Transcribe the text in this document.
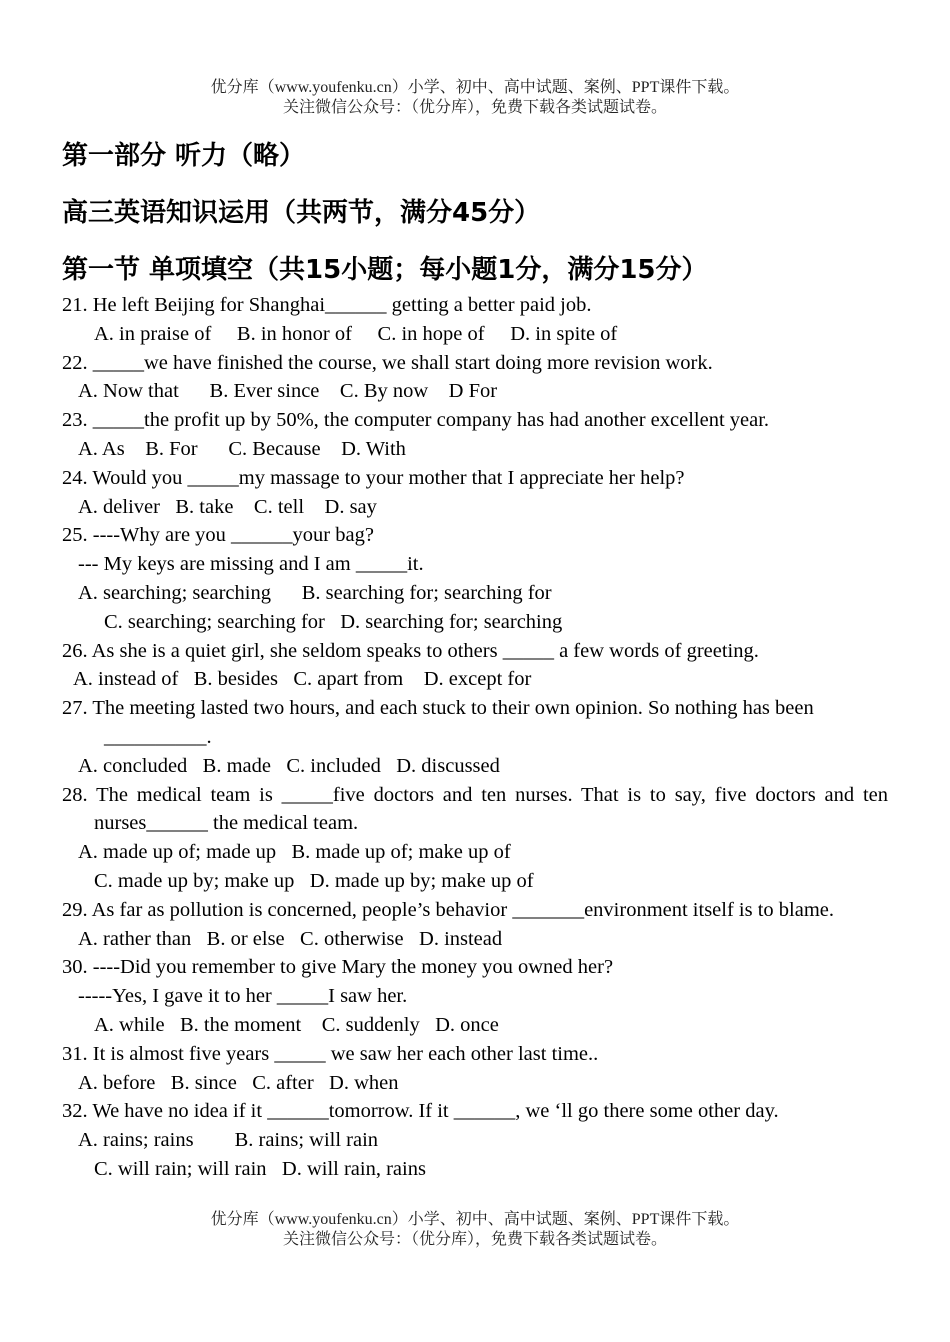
优分库（www.youfenku.cn）小学、初中、高中试题、案例、PPT课件下载。
关注微信公众号：（优分库），免费下载各类试题试卷。
第一部分 听力（略）
高三英语知识运用（共两节，满分45分）
第一节 单项填空（共15小题；每小题1分，满分15分）
21. He left Beijing for Shanghai______ getting a better paid job.
A. in praise of     B. in honor of     C. in hope of     D. in spite of
22. _____we have finished the course, we shall start doing more revision work.
A. Now that      B. Ever since    C. By now    D For
23. _____the profit up by 50%, the computer company has had another excellent year.
A. As    B. For      C. Because    D. With
24. Would you _____my massage to your mother that I appreciate her help?
A. deliver   B. take    C. tell    D. say
25. ----Why are you ______your bag?
--- My keys are missing and I am _____it.
A. searching; searching      B. searching for; searching for
C. searching; searching for   D. searching for; searching
26. As she is a quiet girl, she seldom speaks to others _____ a few words of greeting.
A. instead of   B. besides   C. apart from    D. except for
27. The meeting lasted two hours, and each stuck to their own opinion. So nothing has been
__________.
A. concluded   B. made   C. included   D. discussed
28. The medical team is _____five doctors and ten nurses. That is to say, five doctors and ten nurses______ the medical team.
A. made up of; made up   B. made up of; make up of
C. made up by; make up   D. made up by; make up of
29. As far as pollution is concerned, people’s behavior _______environment itself is to blame.
A. rather than   B. or else   C. otherwise   D. instead
30. ----Did you remember to give Mary the money you owned her?
-----Yes, I gave it to her _____I saw her.
A. while   B. the moment    C. suddenly   D. once
31. It is almost five years _____ we saw her each other last time..
A. before   B. since   C. after   D. when
32. We have no idea if it ______tomorrow. If it ______, we ‘ll go there some other day.
A. rains; rains        B. rains; will rain
C. will rain; will rain   D. will rain, rains
优分库（www.youfenku.cn）小学、初中、高中试题、案例、PPT课件下载。
关注微信公众号：（优分库），免费下载各类试题试卷。
